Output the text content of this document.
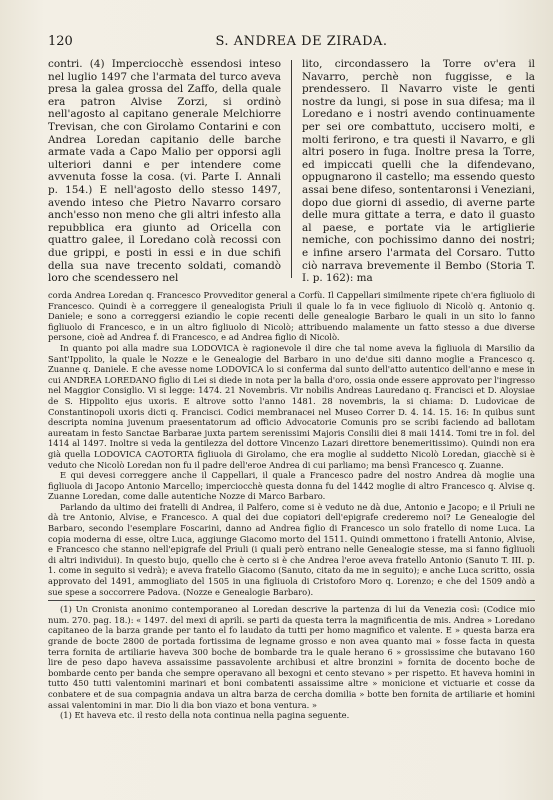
120	S. ANDREA DE ZIRADA.
contri. (4) Imperciocchè essendosi inteso nel luglio 1497 che l'armata del turco aveva presa la galea grossa del Zaffo, della quale era patron Alvise Zorzi, si ordinò nell'agosto al capitano generale Melchiorre Trevisan, che con Girolamo Contarini e con Andrea Loredan capitanio delle barche armate vada a Capo Malio per opporsi agli ulteriori danni e per intendere come avvenuta fosse la cosa. (vi. Parte I. Annali p. 154.) E nell'agosto dello stesso 1497, avendo inteso che Pietro Navarro corsaro anch'esso non meno che gli altri infesto alla repubblica era giunto ad Oricella con quattro galee, il Loredano colà recossi con due grippi, e posti in essi e in due schifi della sua nave trecento soldati, comandò loro che scendessero nel
lito, circondassero la Torre ov'era il Navarro, perchè non fuggisse, e la prendessero. Il Navarro viste le genti nostre da lungi, si pose in sua difesa; ma il Loredano e i nostri avendo continuamente per sei ore combattuto, uccisero molti, e molti ferirono, e tra questi il Navarro, e gli altri posero in fuga. Inoltre presa la Torre, ed impiccati quelli che la difendevano, oppugnarono il castello; ma essendo questo assai bene difeso, sontentaronsi i Veneziani, dopo due giorni di assedio, di averne parte delle mura gittate a terra, e dato il guasto al paese, e portate via le artiglierie nemiche, con pochissimo danno dei nostri; e infine arsero l'armata del Corsaro. Tutto ciò narrava brevemente il Bembo (Storia T. I. p. 162): ma

corda Andrea Loredan q. Francesco Provveditor general a Corfù. Il Cappellari similmente ripete ch'era figliuolo di Francesco. Quindi è a correggere il genealogista Priuli il quale lo fa in vece figliuolo di Nicolò q. Antonio q. Daniele; e sono a correggersi eziandio le copie recenti delle genealogie Barbaro le quali in un sito lo fanno figliuolo di Francesco, e in un altro figliuolo di Nicolò; attribuendo malamente un fatto stesso a due diverse persone, cioè ad Andrea f. di Francesco, e ad Andrea figlio di Nicolò.

In quanto poi alla madre sua LODOVICA è ragionevole il dire che tal nome aveva la figliuola di Marsilio da Sant'Ippolito, la quale le Nozze e le Genealogie del Barbaro in uno de'due siti danno moglie a Francesco q. Zuanne q. Daniele. E che avesse nome LODOVICA lo si conferma dal sunto dell'atto autentico dell'anno e mese in cui ANDREA LOREDANO figlio di Lei si diede in nota per la balla d'oro, ossia onde essere approvato per l'ingresso nel Maggior Consiglio. Vi si legge: 1474. 21 Novembris. Vir nobilis Andreas Lauredano q. Francisci et D. Aloysiae de S. Hippolito ejus uxoris. E altrove sotto l'anno 1481. 28 novembris, la si chiama: D. Ludovicae de Constantinopoli uxoris dicti q. Francisci. Codici membranacei nel Museo Correr D. 4. 14. 15. 16: In quibus sunt descripta nomina juvenum praesentatorum ad officio Advocatorie Comunis pro se scribi faciendo ad ballotam aureatam in festo Sanctae Barbarae juxta partem serenissimi Majoris Consilii diei 8 maii 1414. Tomi tre in fol. del 1414 al 1497. Inoltre si veda la gentilezza del dottore Vincenzo Lazari direttore benemeritissimo). Quindi non era già quella LODOVICA CAOTORTA figliuola di Girolamo, che era moglie al suddetto Nicolò Loredan, giacchè si è veduto che Nicolò Loredan non fu il padre dell'eroe Andrea di cui parliamo; ma bensì Francesco q. Zuanne.

E qui devesi correggere anche il Cappellari, il quale a Francesco padre del nostro Andrea dà moglie una figliuola di Jacopo Antonio Marcello; imperciocchè questa donna fu del 1442 moglie di altro Francesco q. Alvise q. Zuanne Loredan, come dalle autentiche Nozze di Marco Barbaro.

Parlando da ultimo dei fratelli di Andrea, il Palfero, come si è veduto ne dà due, Antonio e Jacopo; e il Priuli ne dà tre Antonio, Alvise, e Francesco. A qual dei due copiatori dell'epigrafe crederemo noi? Le Genealogie del Barbaro, secondo l'esemplare Foscarini, danno ad Andrea figlio di Francesco un solo fratello di nome Luca. La copia moderna di esse, oltre Luca, aggiunge Giacomo morto del 1511. Quindi ommettono i fratelli Antonio, Alvise, e Francesco che stanno nell'epigrafe del Priuli (i quali però entrano nelle Genealogie stesse, ma si fanno figliuoli di altri individui). In questo bujo, quello che è certo si è che Andrea l'eroe aveva fratello Antonio (Sanuto T. III. p. 1. come in seguito si vedrà); e aveva fratello Giacomo (Sanuto, citato da me in seguito); e anche Luca scritto, ossia approvato del 1491, ammogliato del 1505 in una figliuola di Cristoforo Moro q. Lorenzo; e che del 1509 andò a sue spese a soccorrere Padova. (Nozze e Genealogie Barbaro).

(1) Un Cronista anonimo contemporaneo al Loredan descrive la partenza di lui da Venezia così: (Codice mio num. 270. pag. 18.): « 1497. del mexi di aprili. se parti da questa terra la magnificentia de mis. Andrea » Loredano capitaneo de la barza grande per tanto el fo laudato da tutti per homo magnifico et valente. E » questa barza era grande de bocte 2800 de portada fortissima de legname grosso e non avea quanto mai » fosse facta in questa terra fornita de artiliarie haveva 300 boche de bombarde tra le quale herano 6 » grossissime che butavano 160 lire de peso dapo haveva assaissime passavolente archibusi et altre bronzini » fornita de docento boche de bombarde cento per banda che sempre operavano all bexogni et cento stevano » per rispetto. Et haveva homini in tutto 450 tutti valentomini marinari et boni combatenti assaissime altre » monicione et victuarie et cosse da conbatere et de sua compagnia andava un altra barza de cercha domilia » botte ben fornita de artiliarie et homini assai valentomini in mar. Dio li dia bon viazo et bona ventura. »

(1) Et haveva etc. il resto della nota continua nella pagina seguente.
